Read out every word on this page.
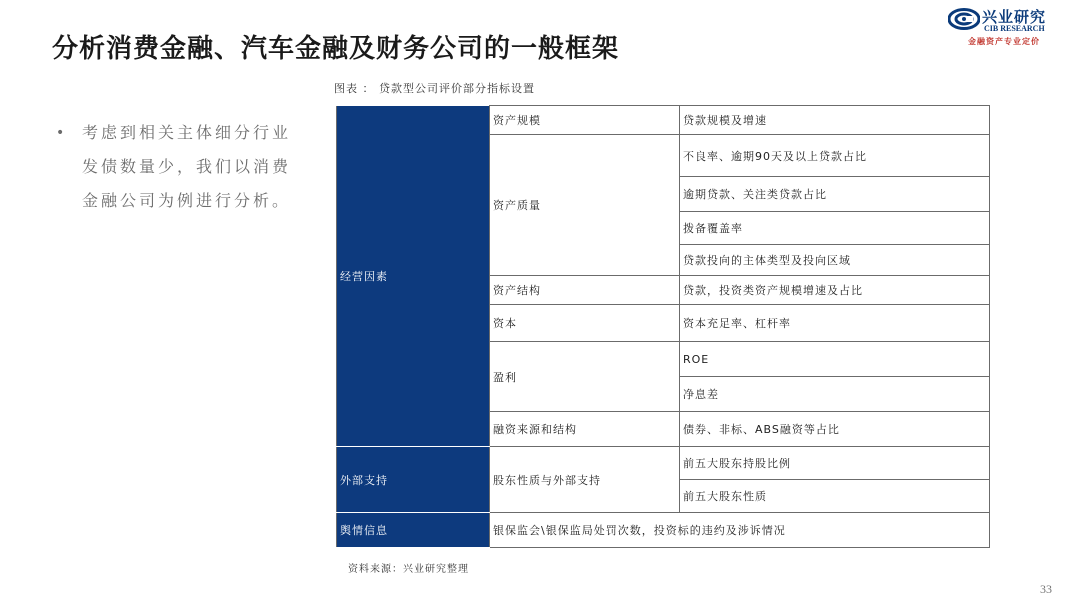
分析消费金融、汽车金融及财务公司的一般框架
兴业研究
CIB RESEARCH
金融资产专业定价
• 考虑到相关主体细分行业发债数量少，我们以消费金融公司为例进行分析。
图表 ： 贷款型公司评价部分指标设置
经营因素	资产规模	贷款规模及增速
	资产质量	不良率、逾期90天及以上贷款占比
		逾期贷款、关注类贷款占比
		拨备覆盖率
		贷款投向的主体类型及投向区域
	资产结构	贷款，投资类资产规模增速及占比
	资本	资本充足率、杠杆率
	盈利	ROE
		净息差
	融资来源和结构	债券、非标、ABS融资等占比
外部支持	股东性质与外部支持	前五大股东持股比例
		前五大股东性质
舆情信息	银保监会\银保监局处罚次数，投资标的违约及涉诉情况	
资料来源：兴业研究整理
33
